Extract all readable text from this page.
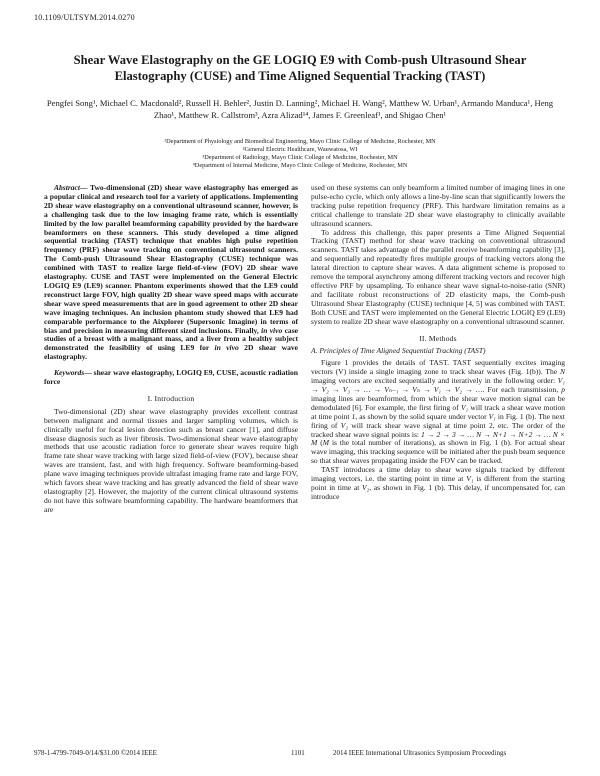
10.1109/ULTSYM.2014.0270
Shear Wave Elastography on the GE LOGIQ E9 with Comb-push Ultrasound Shear Elastography (CUSE) and Time Aligned Sequential Tracking (TAST)
Pengfei Song¹, Michael C. Macdonald², Russell H. Behler², Justin D. Lanning², Michael H. Wang², Matthew W. Urban¹, Armando Manduca¹, Heng Zhao¹, Matthew R. Callstrom³, Azra Alizad¹⁴, James F. Greenleaf¹, and Shigao Chen¹
¹Department of Physiology and Biomedical Engineering, Mayo Clinic College of Medicine, Rochester, MN
²General Electric Healthcare, Wauwatosa, WI
³Department of Radiology, Mayo Clinic College of Medicine, Rochester, MN
⁴Department of Internal Medicine, Mayo Clinic College of Medicine, Rochester, MN

Abstract— Two-dimensional (2D) shear wave elastography has emerged as a popular clinical and research tool for a variety of applications. Implementing 2D shear wave elastography on a conventional ultrasound scanner, however, is a challenging task due to the low imaging frame rate, which is essentially limited by the low parallel beamforming capability provided by the hardware beamformers on these scanners. This study developed a time aligned sequential tracking (TAST) technique that enables high pulse repetition frequency (PRF) shear wave tracking on conventional ultrasound scanners. The Comb-push Ultrasound Shear Elastography (CUSE) technique was combined with TAST to realize large field-of-view (FOV) 2D shear wave elastography. CUSE and TAST were implemented on the General Electric LOGIQ E9 (LE9) scanner. Phantom experiments showed that the LE9 could reconstruct large FOV, high quality 2D shear wave speed maps with accurate shear wave speed measurements that are in good agreement to other 2D shear wave imaging techniques. An inclusion phantom study showed that LE9 had comparable performance to the Aixplorer (Supersonic Imagine) in terms of bias and precision in measuring different sized inclusions. Finally, in vivo case studies of a breast with a malignant mass, and a liver from a healthy subject demonstrated the feasibility of using LE9 for in vivo 2D shear wave elastography.

Keywords— shear wave elastography, LOGIQ E9, CUSE, acoustic radiation force

I. Introduction

Two-dimensional (2D) shear wave elastography provides excellent contrast between malignant and normal tissues and larger sampling volumes, which is clinically useful for focal lesion detection such as breast cancer [1], and diffuse disease diagnosis such as liver fibrosis. Two-dimensional shear wave elastography methods that use acoustic radiation force to generate shear waves require high frame rate shear wave tracking with large sized field-of-view (FOV), because shear waves are transient, fast, and with high frequency. Software beamforming-based plane wave imaging techniques provide ultrafast imaging frame rate and large FOV, which favors shear wave tracking and has greatly advanced the field of shear wave elastography [2]. However, the majority of the current clinical ultrasound systems do not have this software beamforming capability. The hardware beamformers that are

used on these systems can only beamform a limited number of imaging lines in one pulse-echo cycle, which only allows a line-by-line scan that significantly lowers the tracking pulse repetition frequency (PRF). This hardware limitation remains as a critical challenge to translate 2D shear wave elastography to clinically available ultrasound scanners.

To address this challenge, this paper presents a Time Aligned Sequential Tracking (TAST) method for shear wave tracking on conventional ultrasound scanners. TAST takes advantage of the parallel receive beamforming capability [3], and sequentially and repeatedly fires multiple groups of tracking vectors along the lateral direction to capture shear waves. A data alignment scheme is proposed to remove the temporal asynchrony among different tracking vectors and recover high effective PRF by upsampling. To enhance shear wave signal-to-noise-ratio (SNR) and facilitate robust reconstructions of 2D elasticity maps, the Comb-push Ultrasound Shear Elastography (CUSE) technique [4, 5] was combined with TAST. Both CUSE and TAST were implemented on the General Electric LOGIQ E9 (LE9) system to realize 2D shear wave elastography on a conventional ultrasound scanner.

II. Methods
A. Principles of Time Aligned Sequential Tracking (TAST)

Figure 1 provides the details of TAST. TAST sequentially excites imaging vectors (V) inside a single imaging zone to track shear waves (Fig. 1(b)). The N imaging vectors are excited sequentially and iteratively in the following order: V₁ → V₂ → V₃ → … → Vₙ₋₁ → Vₙ → V₁ → V₂ → …. For each transmission, p imaging lines are beamformed, from which the shear wave motion signal can be demodulated [6]. For example, the first firing of V₁ will track a shear wave motion at time point 1, as shown by the solid square under vector V₁ in Fig. 1 (b). The next firing of V₂ will track shear wave signal at time point 2, etc. The order of the tracked shear wave signal points is: 1 → 2 → 3 → … N → N+1 → N+2 → … N × M (M is the total number of iterations), as shown in Fig. 1 (b). For actual shear wave imaging, this tracking sequence will be initiated after the push beam sequence so that shear waves propagating inside the FOV can be tracked.

TAST introduces a time delay to shear wave signals tracked by different imaging vectors, i.e. the starting point in time at V₁ is different from the starting point in time at V₂, as shown in Fig. 1 (b). This delay, if uncompensated for, can introduce

978-1-4799-7049-0/14/$31.00 ©2014 IEEE	1101	2014 IEEE International Ultrasonics Symposium Proceedings
